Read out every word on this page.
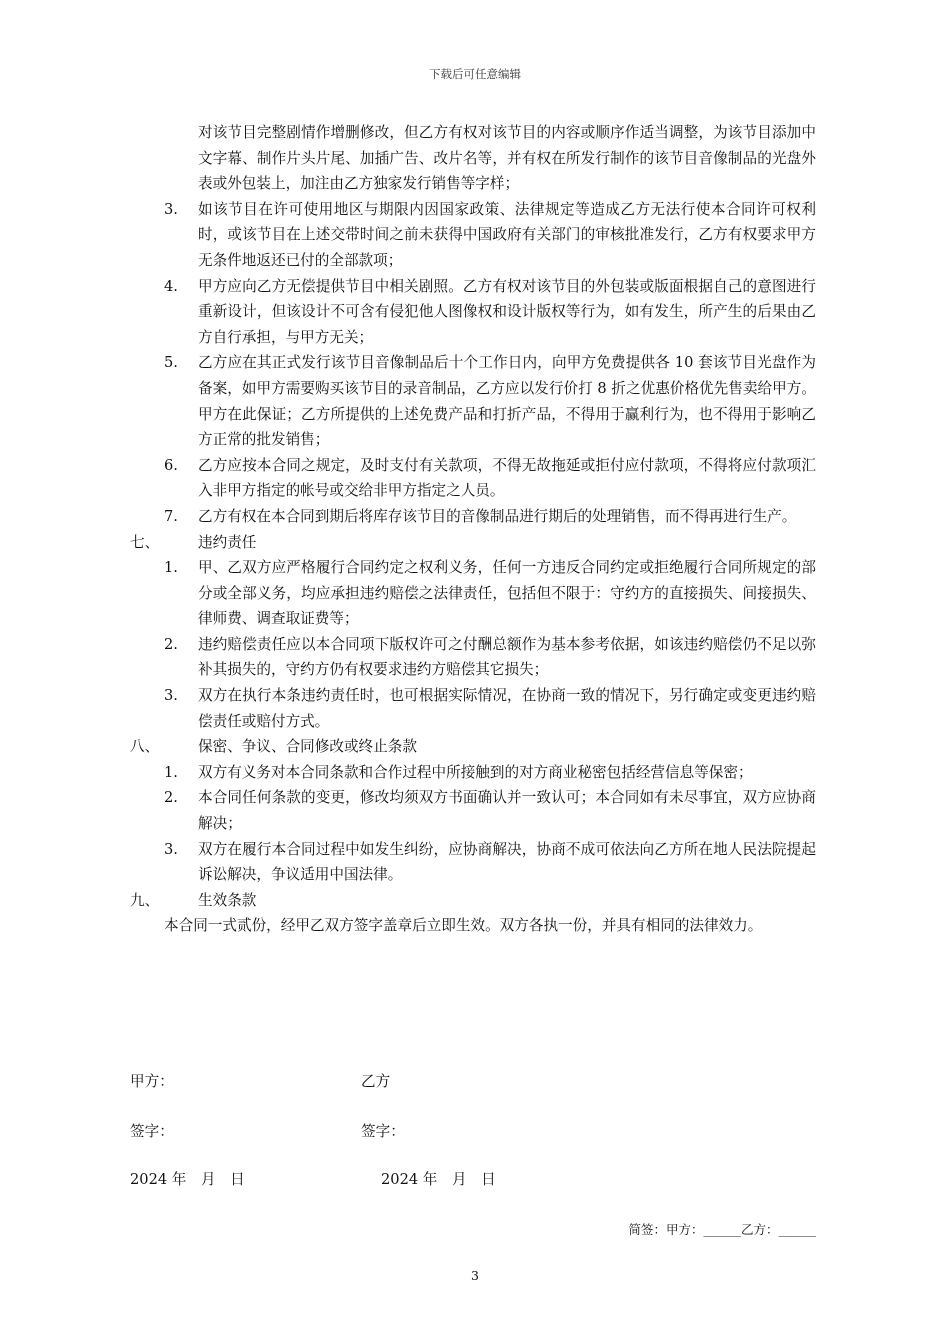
下载后可任意编辑

对该节目完整剧情作增删修改，但乙方有权对该节目的内容或顺序作适当调整，为该节目添加中文字幕、制作片头片尾、加插广告、改片名等，并有权在所发行制作的该节目音像制品的光盘外表或外包装上，加注由乙方独家发行销售等字样；

3. 如该节目在许可使用地区与期限内因国家政策、法律规定等造成乙方无法行使本合同许可权利时，或该节目在上述交带时间之前未获得中国政府有关部门的审核批准发行，乙方有权要求甲方无条件地返还已付的全部款项；
4. 甲方应向乙方无偿提供节目中相关剧照。乙方有权对该节目的外包装或版面根据自己的意图进行重新设计，但该设计不可含有侵犯他人图像权和设计版权等行为，如有发生，所产生的后果由乙方自行承担，与甲方无关；
5. 乙方应在其正式发行该节目音像制品后十个工作日内，向甲方免费提供各 10 套该节目光盘作为备案，如甲方需要购买该节目的录音制品，乙方应以发行价打 8 折之优惠价格优先售卖给甲方。甲方在此保证；乙方所提供的上述免费产品和打折产品，不得用于赢利行为，也不得用于影响乙方正常的批发销售；
6. 乙方应按本合同之规定，及时支付有关款项，不得无故拖延或拒付应付款项，不得将应付款项汇入非甲方指定的帐号或交给非甲方指定之人员。
7. 乙方有权在本合同到期后将库存该节目的音像制品进行期后的处理销售，而不得再进行生产。
七、	违约责任
1. 甲、乙双方应严格履行合同约定之权利义务，任何一方违反合同约定或拒绝履行合同所规定的部分或全部义务，均应承担违约赔偿之法律责任，包括但不限于：守约方的直接损失、间接损失、律师费、调查取证费等；
2. 违约赔偿责任应以本合同项下版权许可之付酬总额作为基本参考依据，如该违约赔偿仍不足以弥补其损失的，守约方仍有权要求违约方赔偿其它损失；
3. 双方在执行本条违约责任时，也可根据实际情况，在协商一致的情况下，另行确定或变更违约赔偿责任或赔付方式。
八、	保密、争议、合同修改或终止条款
1. 双方有义务对本合同条款和合作过程中所接触到的对方商业秘密包括经营信息等保密；
2. 本合同任何条款的变更，修改均须双方书面确认并一致认可；本合同如有未尽事宜，双方应协商解决；
3. 双方在履行本合同过程中如发生纠纷，应协商解决，协商不成可依法向乙方所在地人民法院提起诉讼解决，争议适用中国法律。
九、	生效条款

本合同一式贰份，经甲乙双方签字盖章后立即生效。双方各执一份，并具有相同的法律效力。

甲方：	乙方
签字：	签字：
2024 年　月　日	2024 年　月　日
简签：甲方：______乙方：______
3
